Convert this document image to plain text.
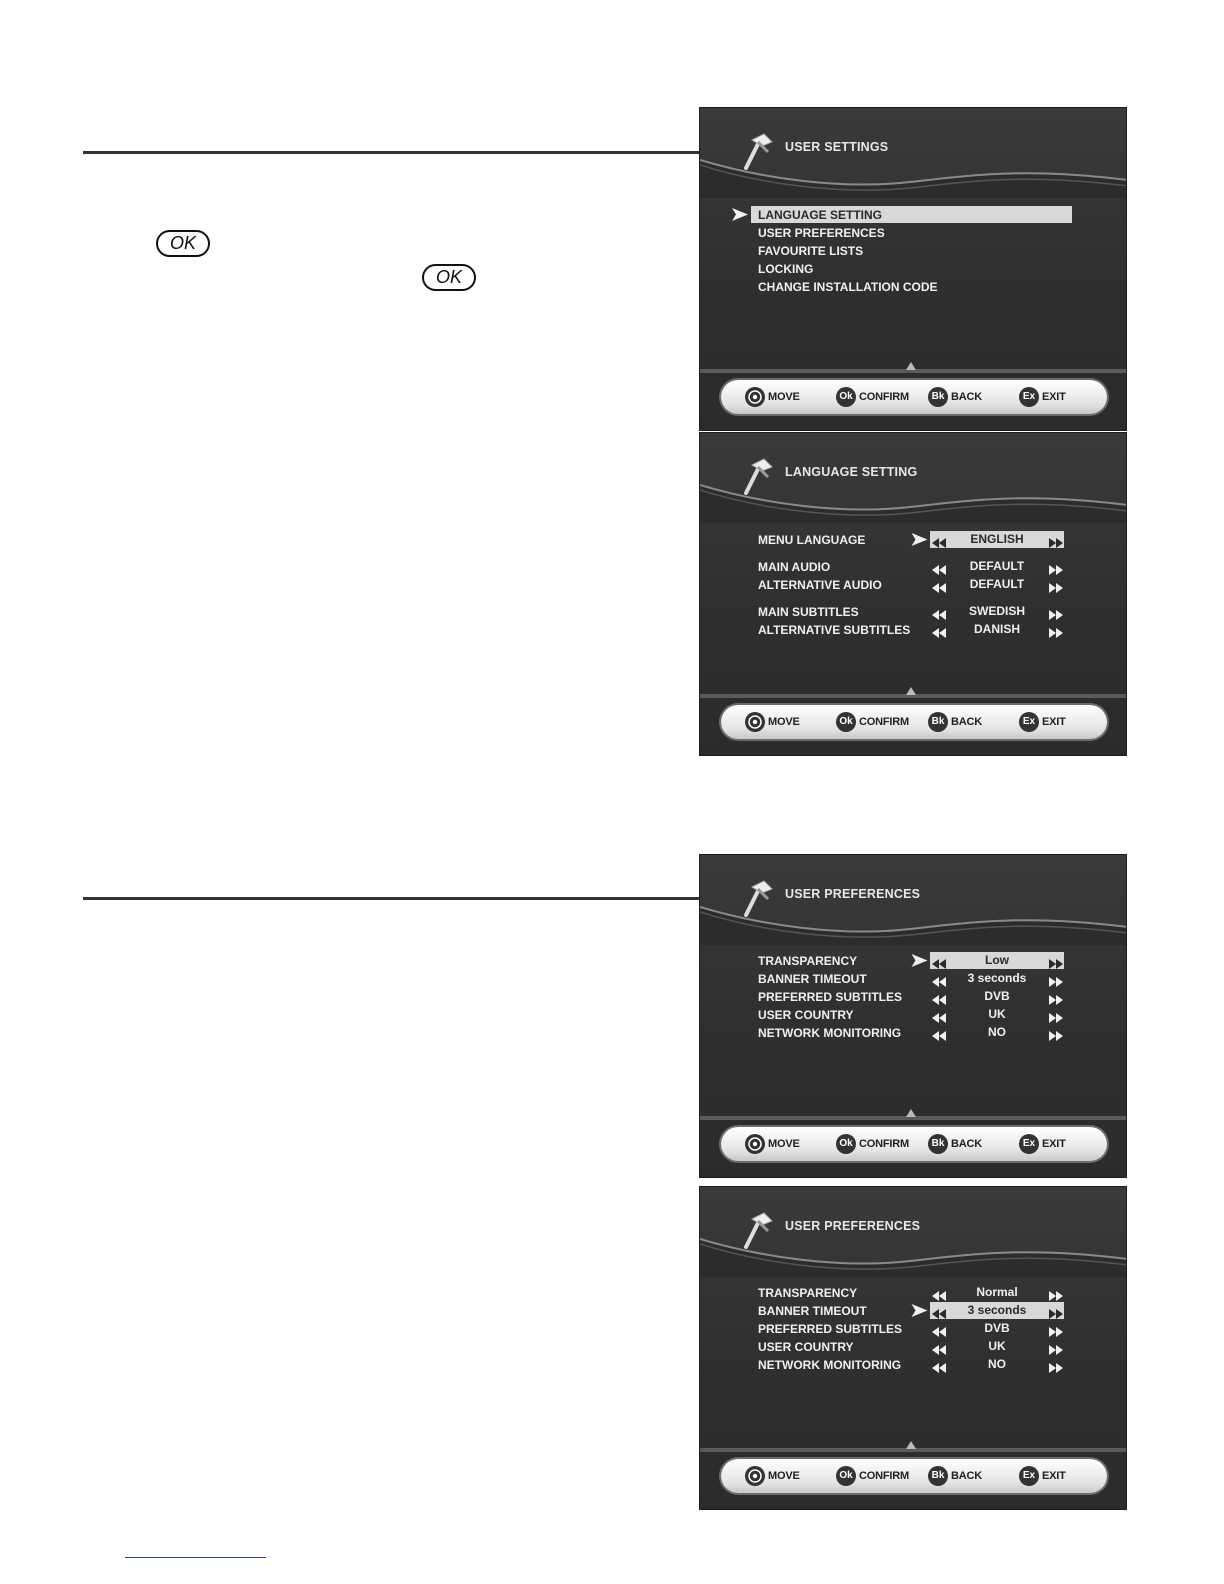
OK
OK
USER SETTINGS
MOVE	Ok CONFIRM	Bk BACK	Ex EXIT
LANGUAGE SETTING
USER PREFERENCES
FAVOURITE LISTS
LOCKING
CHANGE INSTALLATION CODE
LANGUAGE SETTING
MOVE	Ok CONFIRM	Bk BACK	Ex EXIT
MENU LANGUAGE	ENGLISH
MAIN AUDIO	DEFAULT
ALTERNATIVE AUDIO	DEFAULT
MAIN SUBTITLES	SWEDISH
ALTERNATIVE SUBTITLES	DANISH
USER PREFERENCES
MOVE	Ok CONFIRM	Bk BACK	Ex EXIT
TRANSPARENCY	Low
BANNER TIMEOUT	3 seconds
PREFERRED SUBTITLES	DVB
USER COUNTRY	UK
NETWORK MONITORING	NO
USER PREFERENCES
MOVE	Ok CONFIRM	Bk BACK	Ex EXIT
TRANSPARENCY	Normal
BANNER TIMEOUT	3 seconds
PREFERRED SUBTITLES	DVB
USER COUNTRY	UK
NETWORK MONITORING	NO
